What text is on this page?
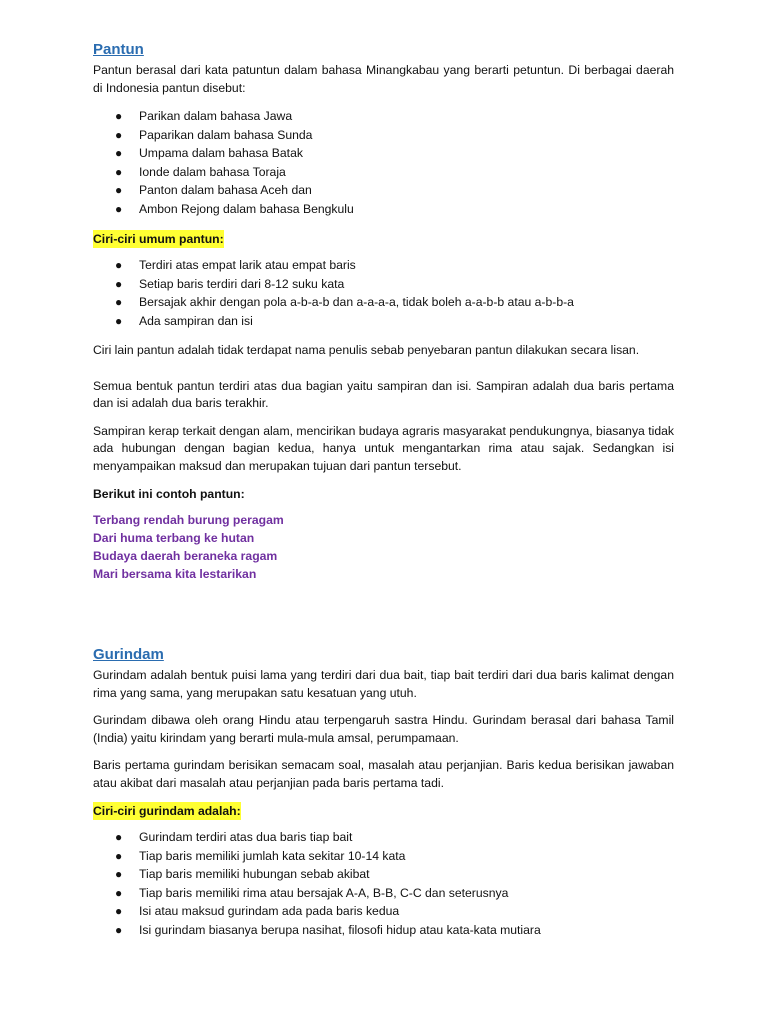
Pantun

Pantun berasal dari kata patuntun dalam bahasa Minangkabau yang berarti petuntun. Di berbagai daerah di Indonesia pantun disebut:

● Parikan dalam bahasa Jawa
● Paparikan dalam bahasa Sunda
● Umpama dalam bahasa Batak
● Ionde dalam bahasa Toraja
● Panton dalam bahasa Aceh dan
● Ambon Rejong dalam bahasa Bengkulu
Ciri-ciri umum pantun:
● Terdiri atas empat larik atau empat baris
● Setiap baris terdiri dari 8-12 suku kata
● Bersajak akhir dengan pola a-b-a-b dan a-a-a-a, tidak boleh a-a-b-b atau a-b-b-a
● Ada sampiran dan isi

Ciri lain pantun adalah tidak terdapat nama penulis sebab penyebaran pantun dilakukan secara lisan.

Semua bentuk pantun terdiri atas dua bagian yaitu sampiran dan isi. Sampiran adalah dua baris pertama dan isi adalah dua baris terakhir.

Sampiran kerap terkait dengan alam, mencirikan budaya agraris masyarakat pendukungnya, biasanya tidak ada hubungan dengan bagian kedua, hanya untuk mengantarkan rima atau sajak. Sedangkan isi menyampaikan maksud dan merupakan tujuan dari pantun tersebut.

Berikut ini contoh pantun:
Terbang rendah burung peragam
Dari huma terbang ke hutan
Budaya daerah beraneka ragam
Mari bersama kita lestarikan
Gurindam

Gurindam adalah bentuk puisi lama yang terdiri dari dua bait, tiap bait terdiri dari dua baris kalimat dengan rima yang sama, yang merupakan satu kesatuan yang utuh.

Gurindam dibawa oleh orang Hindu atau terpengaruh sastra Hindu. Gurindam berasal dari bahasa Tamil (India) yaitu kirindam yang berarti mula-mula amsal, perumpamaan.

Baris pertama gurindam berisikan semacam soal, masalah atau perjanjian. Baris kedua berisikan jawaban atau akibat dari masalah atau perjanjian pada baris pertama tadi.

Ciri-ciri gurindam adalah:
● Gurindam terdiri atas dua baris tiap bait
● Tiap baris memiliki jumlah kata sekitar 10-14 kata
● Tiap baris memiliki hubungan sebab akibat
● Tiap baris memiliki rima atau bersajak A-A, B-B, C-C dan seterusnya
● Isi atau maksud gurindam ada pada baris kedua
● Isi gurindam biasanya berupa nasihat, filosofi hidup atau kata-kata mutiara
